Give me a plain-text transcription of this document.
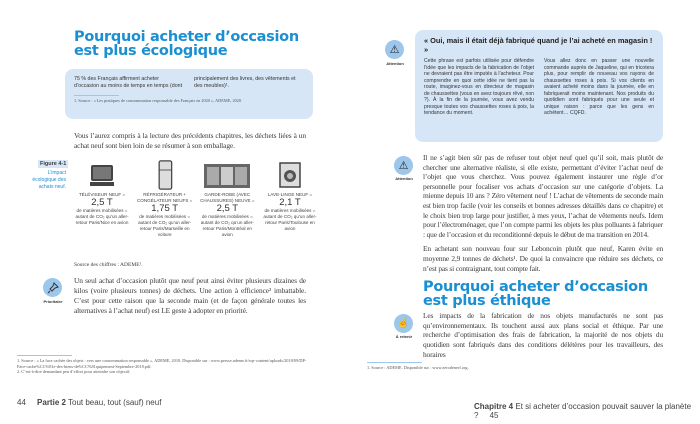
Pourquoi acheter d’occasion est plus écologique
75 % des Français affirment acheter d’occasion au moins de temps en temps (dont
principalement des livres, des vêtements et des meubles)¹.
1. Source : « Les pratiques de consommation responsable des Français en 2020 », ADEME, 2020.
Vous l’aurez compris à la lecture des précédents chapitres, les déchets liées à un achat neuf sont bien loin de se résumer à son emballage.
Figure 4-1
L’impact écologique des achats neuf.
TÉLÉVISEUR NEUF =
2,5 T
de matières mobilisées = autant de CO₂ qu’un aller-retour Paris/Nice en avion
RÉFRIGÉRATEUR + CONGÉLATEUR NEUFS =
1,75 T
de matières mobilisées = autant de CO₂ qu’un aller-retour Paris/Marseille en voiture
GARDE-ROBE (AVEC CHAUSSURES) NEUVE =
2,5 T
de matières mobilisées = autant de CO₂ qu’un aller-retour Paris/Montréal en avion
LAVE-LINGE NEUF =
2,1 T
de matières mobilisées = autant de CO₂ qu’un aller-retour Paris/Toulouse en avion
Source des chiffres : ADEME¹.
Prioritaire
Un seul achat d’occasion plutôt que neuf peut ainsi éviter plusieurs dizaines de kilos (voire plusieurs tonnes) de déchets. Une action à efficience² imbattable. C’est pour cette raison que la seconde main (et de façon générale toutes les alternatives à l’achat neuf) est LE geste à adopter en priorité.
1. Source : « La face cachée des objets : vers une consommation responsable », ADEME, 2018. Disponible sur : www.presse.ademe.fr/wp-content/uploads/2018/09/DP-Face-cache%CC%81e-des-biens-de%CC%81quipement-Septembre-2018.pdf.
2. C’est-à-dire demandant peu d’effort pour atteindre son objectif.
44 Partie 2 Tout beau, tout (sauf) neuf
⚠
Attention
« Oui, mais il était déjà fabriqué quand je l’ai acheté en magasin ! »
Cette phrase est parfois utilisée pour défendre l’idée que les impacts de la fabrication de l’objet ne devraient pas être imputés à l’acheteur. Pour comprendre en quoi cette idée ne tient pas la route, imaginez-vous en directeur de magasin de chaussettes (vous en avez toujours rêvé, non ?). À la fin de la journée, vous avez vendu presque toutes vos chaussettes roses à pois, la tendance du moment.
Vous allez donc en passer une nouvelle commande auprès de Jaqueline, qui en tricotera plus, pour remplir de nouveau vos rayons de chaussettes roses à pois. Si vos clients en avaient acheté moins dans la journée, elle en fabriquerait moins maintenant. Nos produits du quotidien sont fabriqués pour une seule et unique raison : parce que les gens en achètent… CQFD.
⚠
Attention
Il ne s’agit bien sûr pas de refuser tout objet neuf quel qu’il soit, mais plutôt de chercher une alternative réaliste, si elle existe, permettant d’éviter l’achat neuf de l’objet que vous cherchez. Vous pouvez également instaurer une règle d’or personnelle pour focaliser vos achats d’occasion sur une catégorie d’objets. La mienne depuis 10 ans ? Zéro vêtement neuf ! L’achat de vêtements de seconde main est bien trop facile (voir les conseils et bonnes adresses détaillés dans ce chapitre) et le choix bien trop large pour justifier, à mes yeux, l’achat de vêtements neufs. Idem pour l’électroménager, que l’on compte parmi les objets les plus polluants à fabriquer : que de l’occasion et du reconditionné depuis le début de ma transition en 2014.
En achetant son nouveau four sur Leboncoin plutôt que neuf, Karen évite en moyenne 2,9 tonnes de déchets¹. De quoi la convaincre que réduire ses déchets, ce n’est pas si contraignant, tout compte fait.
Pourquoi acheter d’occasion est plus éthique
☝
À retenir
Les impacts de la fabrication de nos objets manufacturés ne sont pas qu’environnementaux. Ils touchent aussi aux plans social et éthique. Par une recherche d’optimisation des frais de fabrication, la majorité de nos objets du quotidien sont fabriqués dans des conditions délétères pour les travailleurs, des horaires
1. Source : ADEME. Disponible sur : www.zerodenerf.org.
Chapitre 4 Et si acheter d’occasion pouvait sauver la planète ? 45
